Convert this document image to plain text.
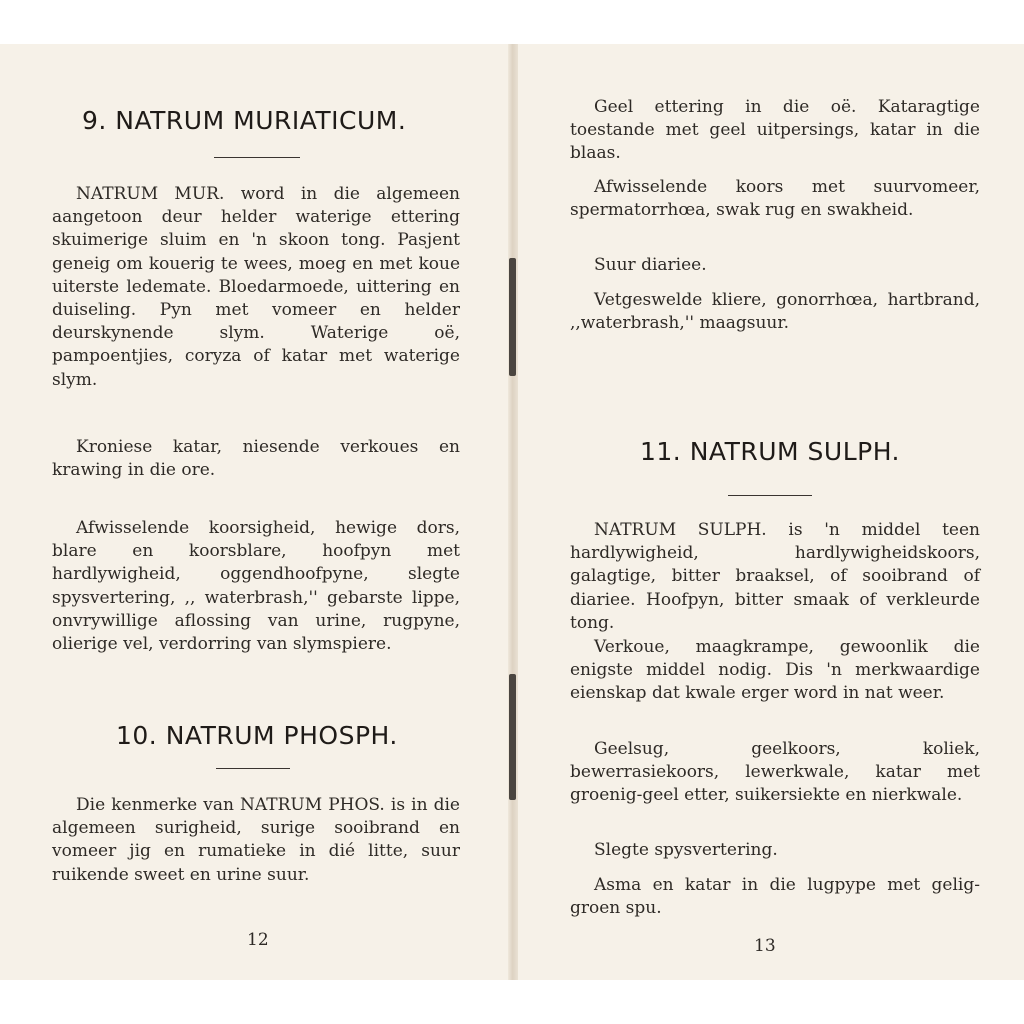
9. NATRUM MURIATICUM.

NATRUM MUR. word in die algemeen aangetoon deur helder waterige ettering skuimerige sluim en 'n skoon tong. Pasjent geneig om kouerig te wees, moeg en met koue uiterste ledemate. Bloedarmoede, uittering en duiseling. Pyn met vomeer en helder deurskynende slym. Waterige oë, pampoentjies, coryza of katar met waterige slym.

Kroniese katar, niesende verkoues en krawing in die ore.

Afwisselende koorsigheid, hewige dors, blare en koorsblare, hoofpyn met hardlywigheid, oggendhoofpyne, slegte spysvertering, ,, waterbrash,'' gebarste lippe, onvrywillige aflossing van urine, rugpyne, olierige vel, verdorring van slymspiere.

10. NATRUM PHOSPH.

Die kenmerke van NATRUM PHOS. is in die algemeen surigheid, surige sooibrand en vomeer jig en rumatieke in dié litte, suur ruikende sweet en urine suur.

12

Geel ettering in die oë. Kataragtige toestande met geel uitpersings, katar in die blaas.

Afwisselende koors met suurvomeer, spermatorrhœa, swak rug en swakheid.

Suur diariee.

Vetgeswelde kliere, gonorrhœa, hartbrand, ,,waterbrash,'' maagsuur.

11. NATRUM SULPH.

NATRUM SULPH. is 'n middel teen hardlywigheid, hardlywigheidskoors, galagtige, bitter braaksel, of sooibrand of diariee. Hoofpyn, bitter smaak of verkleurde tong.

Verkoue, maagkrampe, gewoonlik die enigste middel nodig. Dis 'n merkwaardige eienskap dat kwale erger word in nat weer.

Geelsug, geelkoors, koliek, bewerrasiekoors, lewerkwale, katar met groenig-geel etter, suikersiekte en nierkwale.

Slegte spysvertering.

Asma en katar in die lugpype met gelig-groen spu.

13
